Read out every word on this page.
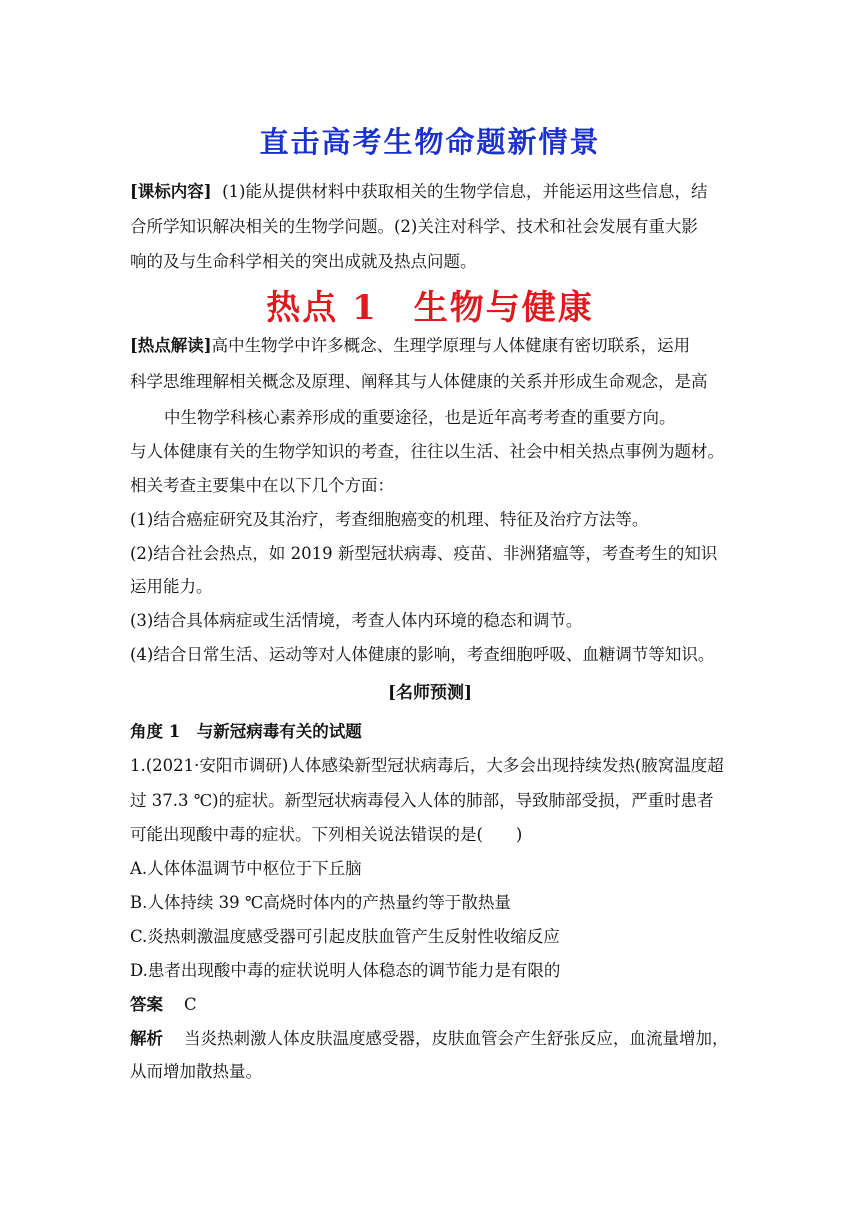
直击高考生物命题新情景
[课标内容] (1)能从提供材料中获取相关的生物学信息，并能运用这些信息，结
合所学知识解决相关的生物学问题。(2)关注对科学、技术和社会发展有重大影
响的及与生命科学相关的突出成就及热点问题。
热点 1　生物与健康
[热点解读]高中生物学中许多概念、生理学原理与人体健康有密切联系，运用
科学思维理解相关概念及原理、阐释其与人体健康的关系并形成生命观念，是高
中生物学科核心素养形成的重要途径，也是近年高考考查的重要方向。
与人体健康有关的生物学知识的考查，往往以生活、社会中相关热点事例为题材。
相关考查主要集中在以下几个方面：
(1)结合癌症研究及其治疗，考查细胞癌变的机理、特征及治疗方法等。
(2)结合社会热点，如 2019 新型冠状病毒、疫苗、非洲猪瘟等，考查考生的知识
运用能力。
(3)结合具体病症或生活情境，考查人体内环境的稳态和调节。
(4)结合日常生活、运动等对人体健康的影响，考查细胞呼吸、血糖调节等知识。
[名师预测]
角度 1　与新冠病毒有关的试题
1.(2021·安阳市调研)人体感染新型冠状病毒后，大多会出现持续发热(腋窝温度超
过 37.3 ℃)的症状。新型冠状病毒侵入人体的肺部，导致肺部受损，严重时患者
可能出现酸中毒的症状。下列相关说法错误的是(　　)
A.人体体温调节中枢位于下丘脑
B.人体持续 39 ℃高烧时体内的产热量约等于散热量
C.炎热刺激温度感受器可引起皮肤血管产生反射性收缩反应
D.患者出现酸中毒的症状说明人体稳态的调节能力是有限的
答案 C
解析 当炎热刺激人体皮肤温度感受器，皮肤血管会产生舒张反应，血流量增加，
从而增加散热量。
